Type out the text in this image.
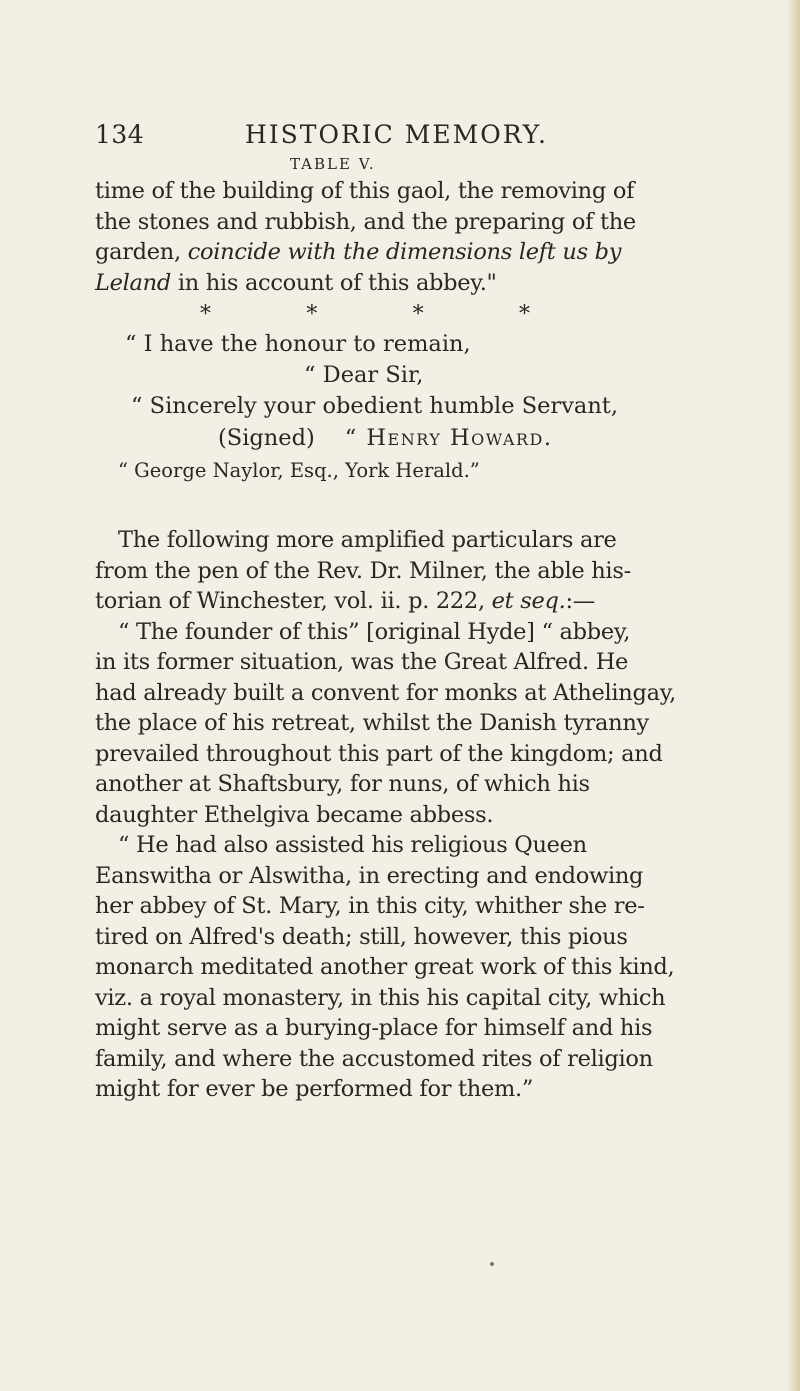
134	HISTORIC MEMORY.
TABLE V.

time of the building of this gaol, the removing of

the stones and rubbish, and the preparing of the

garden, coincide with the dimensions left us by

Leland in his account of this abbey."

*	*	*	*
“ I have the honour to remain,
“ Dear Sir,
“ Sincerely your obedient humble Servant,
(Signed) “ Henry Howard.
“ George Naylor, Esq., York Herald.”

The following more amplified particulars are

from the pen of the Rev. Dr. Milner, the able his-

torian of Winchester, vol. ii. p. 222, et seq.:—

“ The founder of this” [original Hyde] “ abbey,

in its former situation, was the Great Alfred. He

had already built a convent for monks at Athelingay,

the place of his retreat, whilst the Danish tyranny

prevailed throughout this part of the kingdom; and

another at Shaftsbury, for nuns, of which his

daughter Ethelgiva became abbess.

“ He had also assisted his religious Queen

Eanswitha or Alswitha, in erecting and endowing

her abbey of St. Mary, in this city, whither she re-

tired on Alfred's death; still, however, this pious

monarch meditated another great work of this kind,

viz. a royal monastery, in this his capital city, which

might serve as a burying-place for himself and his

family, and where the accustomed rites of religion

might for ever be performed for them.”
